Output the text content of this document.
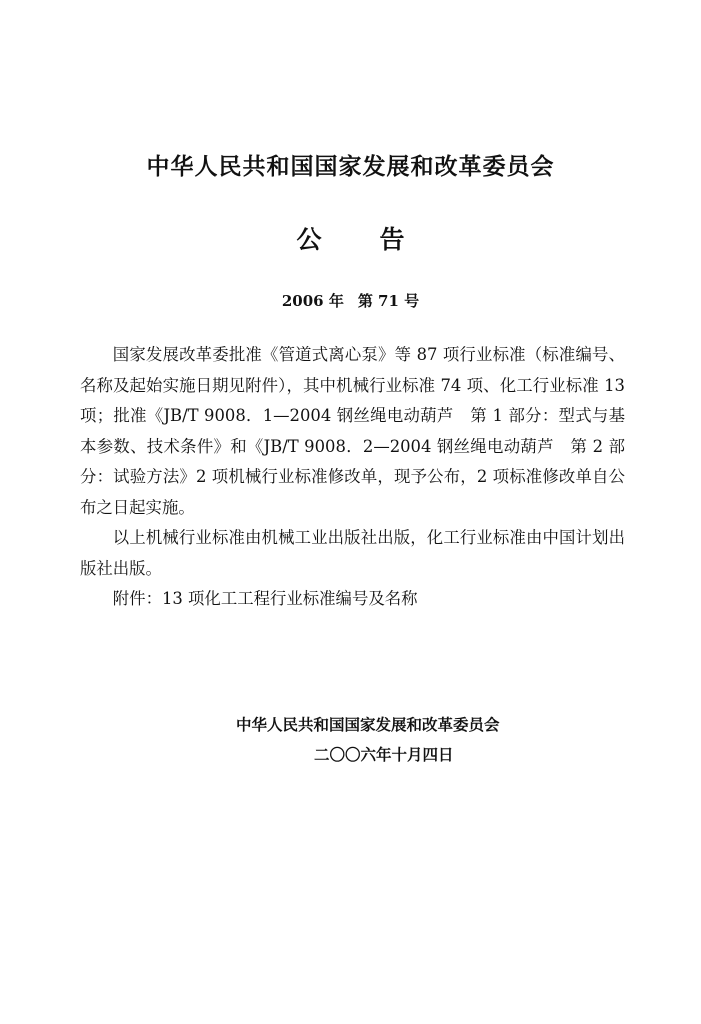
中华人民共和国国家发展和改革委员会
公 告
2006 年 第 71 号

国家发展改革委批准《管道式离心泵》等 87 项行业标准（标准编号、名称及起始实施日期见附件），其中机械行业标准 74 项、化工行业标准 13 项；批准《JB/T 9008．1—2004 钢丝绳电动葫芦　第 1 部分：型式与基本参数、技术条件》和《JB/T 9008．2—2004 钢丝绳电动葫芦　第 2 部分：试验方法》2 项机械行业标准修改单，现予公布，2 项标准修改单自公布之日起实施。

以上机械行业标准由机械工业出版社出版，化工行业标准由中国计划出版社出版。

附件：13 项化工工程行业标准编号及名称

中华人民共和国国家发展和改革委员会
二〇〇六年十月四日
